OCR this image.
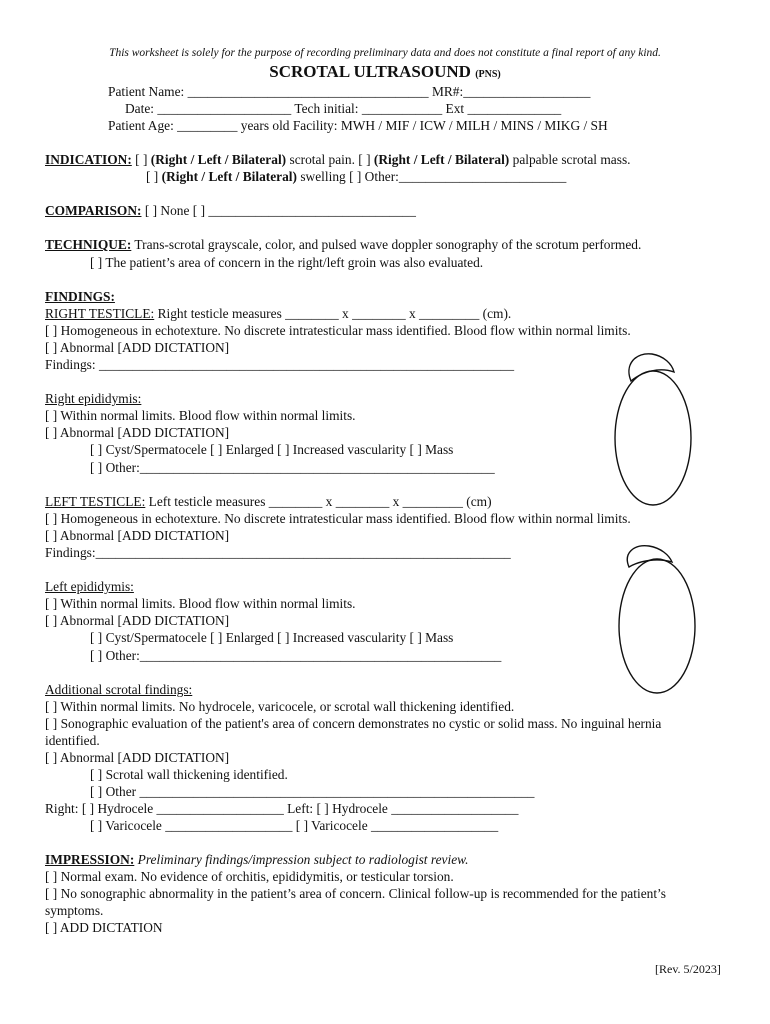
This worksheet is solely for the purpose of recording preliminary data and does not constitute a final report of any kind.
SCROTAL ULTRASOUND (PNS)
Patient Name: ____________________________________ MR#:___________________
Date: ____________________ Tech initial: ____________ Ext ______________
Patient Age: _________ years old Facility: MWH / MIF / ICW / MILH / MINS / MIKG / SH
INDICATION: [ ] (Right / Left / Bilateral) scrotal pain. [ ] (Right / Left / Bilateral) palpable scrotal mass.
[ ] (Right / Left / Bilateral) swelling [ ] Other:_________________________
COMPARISON: [ ] None [ ] _______________________________
TECHNIQUE: Trans-scrotal grayscale, color, and pulsed wave doppler sonography of the scrotum performed.
[ ] The patient’s area of concern in the right/left groin was also evaluated.
FINDINGS:
RIGHT TESTICLE: Right testicle measures ________ x ________ x _________ (cm).
[ ] Homogeneous in echotexture. No discrete intratesticular mass identified. Blood flow within normal limits.
[ ] Abnormal [ADD DICTATION]
Findings: ______________________________________________________________
Right epididymis:
[ ] Within normal limits. Blood flow within normal limits.
[ ] Abnormal [ADD DICTATION]
[ ] Cyst/Spermatocele [ ] Enlarged [ ] Increased vascularity [ ] Mass
[ ] Other:_____________________________________________________
LEFT TESTICLE: Left testicle measures ________ x ________ x _________ (cm)
[ ] Homogeneous in echotexture. No discrete intratesticular mass identified. Blood flow within normal limits.
[ ] Abnormal [ADD DICTATION]
Findings:______________________________________________________________
Left epididymis:
[ ] Within normal limits. Blood flow within normal limits.
[ ] Abnormal [ADD DICTATION]
[ ] Cyst/Spermatocele [ ] Enlarged [ ] Increased vascularity [ ] Mass
[ ] Other:______________________________________________________
Additional scrotal findings:
[ ] Within normal limits. No hydrocele, varicocele, or scrotal wall thickening identified.
[ ] Sonographic evaluation of the patient's area of concern demonstrates no cystic or solid mass. No inguinal hernia
identified.
[ ] Abnormal [ADD DICTATION]
[ ] Scrotal wall thickening identified.
[ ] Other ___________________________________________________________
Right: [ ] Hydrocele ___________________ Left: [ ] Hydrocele ___________________
[ ] Varicocele ___________________ [ ] Varicocele ___________________
IMPRESSION: Preliminary findings/impression subject to radiologist review.
[ ] Normal exam. No evidence of orchitis, epididymitis, or testicular torsion.
[ ] No sonographic abnormality in the patient’s area of concern. Clinical follow-up is recommended for the patient’s
symptoms.
[ ] ADD DICTATION
[Rev. 5/2023]
